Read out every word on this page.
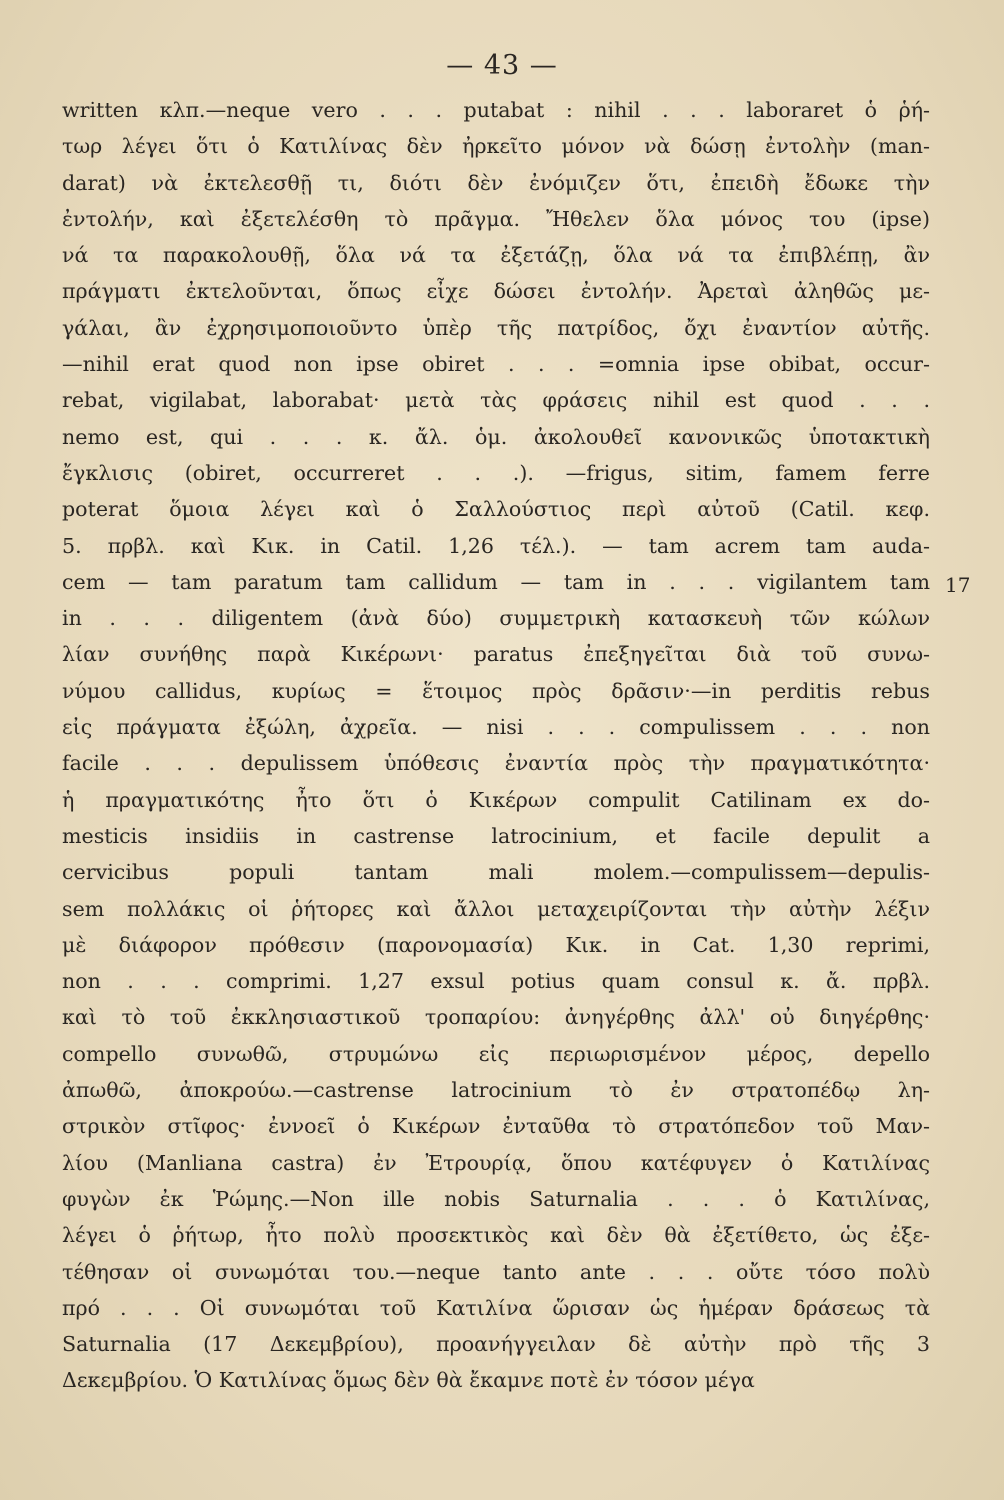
— 43 —
17
written κλπ.—neque vero . . . putabat : nihil . . . laboraret ὁ ῥή-
τωρ λέγει ὅτι ὁ Κατιλίνας δὲν ἠρκεῖτο μόνον νὰ δώσῃ ἐντολὴν (man-
darat) νὰ ἐκτελεσθῇ τι, διότι δὲν ἐνόμιζεν ὅτι, ἐπειδὴ ἔδωκε τὴν
ἐντολήν, καὶ ἐξετελέσθη τὸ πρᾶγμα. Ἤθελεν ὅλα μόνος του (ipse)
νά τα παρακολουθῇ, ὅλα νά τα ἐξετάζῃ, ὅλα νά τα ἐπιβλέπῃ, ἂν
πράγματι ἐκτελοῦνται, ὅπως εἶχε δώσει ἐντολήν. Ἀρεταὶ ἀληθῶς με-
γάλαι, ἂν ἐχρησιμοποιοῦντο ὑπὲρ τῆς πατρίδος, ὄχι ἐναντίον αὐτῆς.
—nihil erat quod non ipse obiret . . . =omnia ipse obibat, occur-
rebat, vigilabat, laborabat· μετὰ τὰς φράσεις nihil est quod . . .
nemo est, qui . . . κ. ἄλ. ὁμ. ἀκολουθεῖ κανονικῶς ὑποτακτικὴ
ἔγκλισις (obiret, occurreret . . .). —frigus, sitim, famem ferre
poterat ὅμοια λέγει καὶ ὁ Σαλλούστιος περὶ αὐτοῦ (Catil. κεφ.
5. πρβλ. καὶ Κικ. in Catil. 1,26 τέλ.). — tam acrem tam auda-
cem — tam paratum tam callidum — tam in . . . vigilantem tam
in . . . diligentem (ἀνὰ δύο) συμμετρικὴ κατασκευὴ τῶν κώλων
λίαν συνήθης παρὰ Κικέρωνι· paratus ἐπεξηγεῖται διὰ τοῦ συνω-
νύμου callidus, κυρίως = ἕτοιμος πρὸς δρᾶσιν·—in perditis rebus
εἰς πράγματα ἐξώλη, ἀχρεῖα. — nisi . . . compulissem . . . non
facile . . . depulissem ὑπόθεσις ἐναντία πρὸς τὴν πραγματικότητα·
ἡ πραγματικότης ἦτο ὅτι ὁ Κικέρων compulit Catilinam ex do-
mesticis insidiis in castrense latrocinium, et facile depulit a
cervicibus populi tantam mali molem.—compulissem—depulis-
sem πολλάκις οἱ ῥήτορες καὶ ἄλλοι μεταχειρίζονται τὴν αὐτὴν λέξιν
μὲ διάφορον πρόθεσιν (παρονομασία) Κικ. in Cat. 1,30 reprimi,
non . . . comprimi. 1,27 exsul potius quam consul κ. ἄ. πρβλ.
καὶ τὸ τοῦ ἐκκλησιαστικοῦ τροπαρίου: ἀνηγέρθης ἀλλ' οὐ διηγέρθης·
compello συνωθῶ, στρυμώνω εἰς περιωρισμένον μέρος, depello
ἀπωθῶ, ἀποκρούω.—castrense latrocinium τὸ ἐν στρατοπέδῳ λη-
στρικὸν στῖφος· ἐννοεῖ ὁ Κικέρων ἐνταῦθα τὸ στρατόπεδον τοῦ Μαν-
λίου (Manliana castra) ἐν Ἐτρουρίᾳ, ὅπου κατέφυγεν ὁ Κατιλίνας
φυγὼν ἐκ Ῥώμης.—Non ille nobis Saturnalia . . . ὁ Κατιλίνας,
λέγει ὁ ῥήτωρ, ἦτο πολὺ προσεκτικὸς καὶ δὲν θὰ ἐξετίθετο, ὡς ἐξε-
τέθησαν οἱ συνωμόται του.—neque tanto ante . . . οὔτε τόσο πολὺ
πρό . . . Οἱ συνωμόται τοῦ Κατιλίνα ὥρισαν ὡς ἡμέραν δράσεως τὰ
Saturnalia (17 Δεκεμβρίου), προανήγγειλαν δὲ αὐτὴν πρὸ τῆς 3
Δεκεμβρίου. Ὁ Κατιλίνας ὅμως δὲν θὰ ἔκαμνε ποτὲ ἐν τόσον μέγα
